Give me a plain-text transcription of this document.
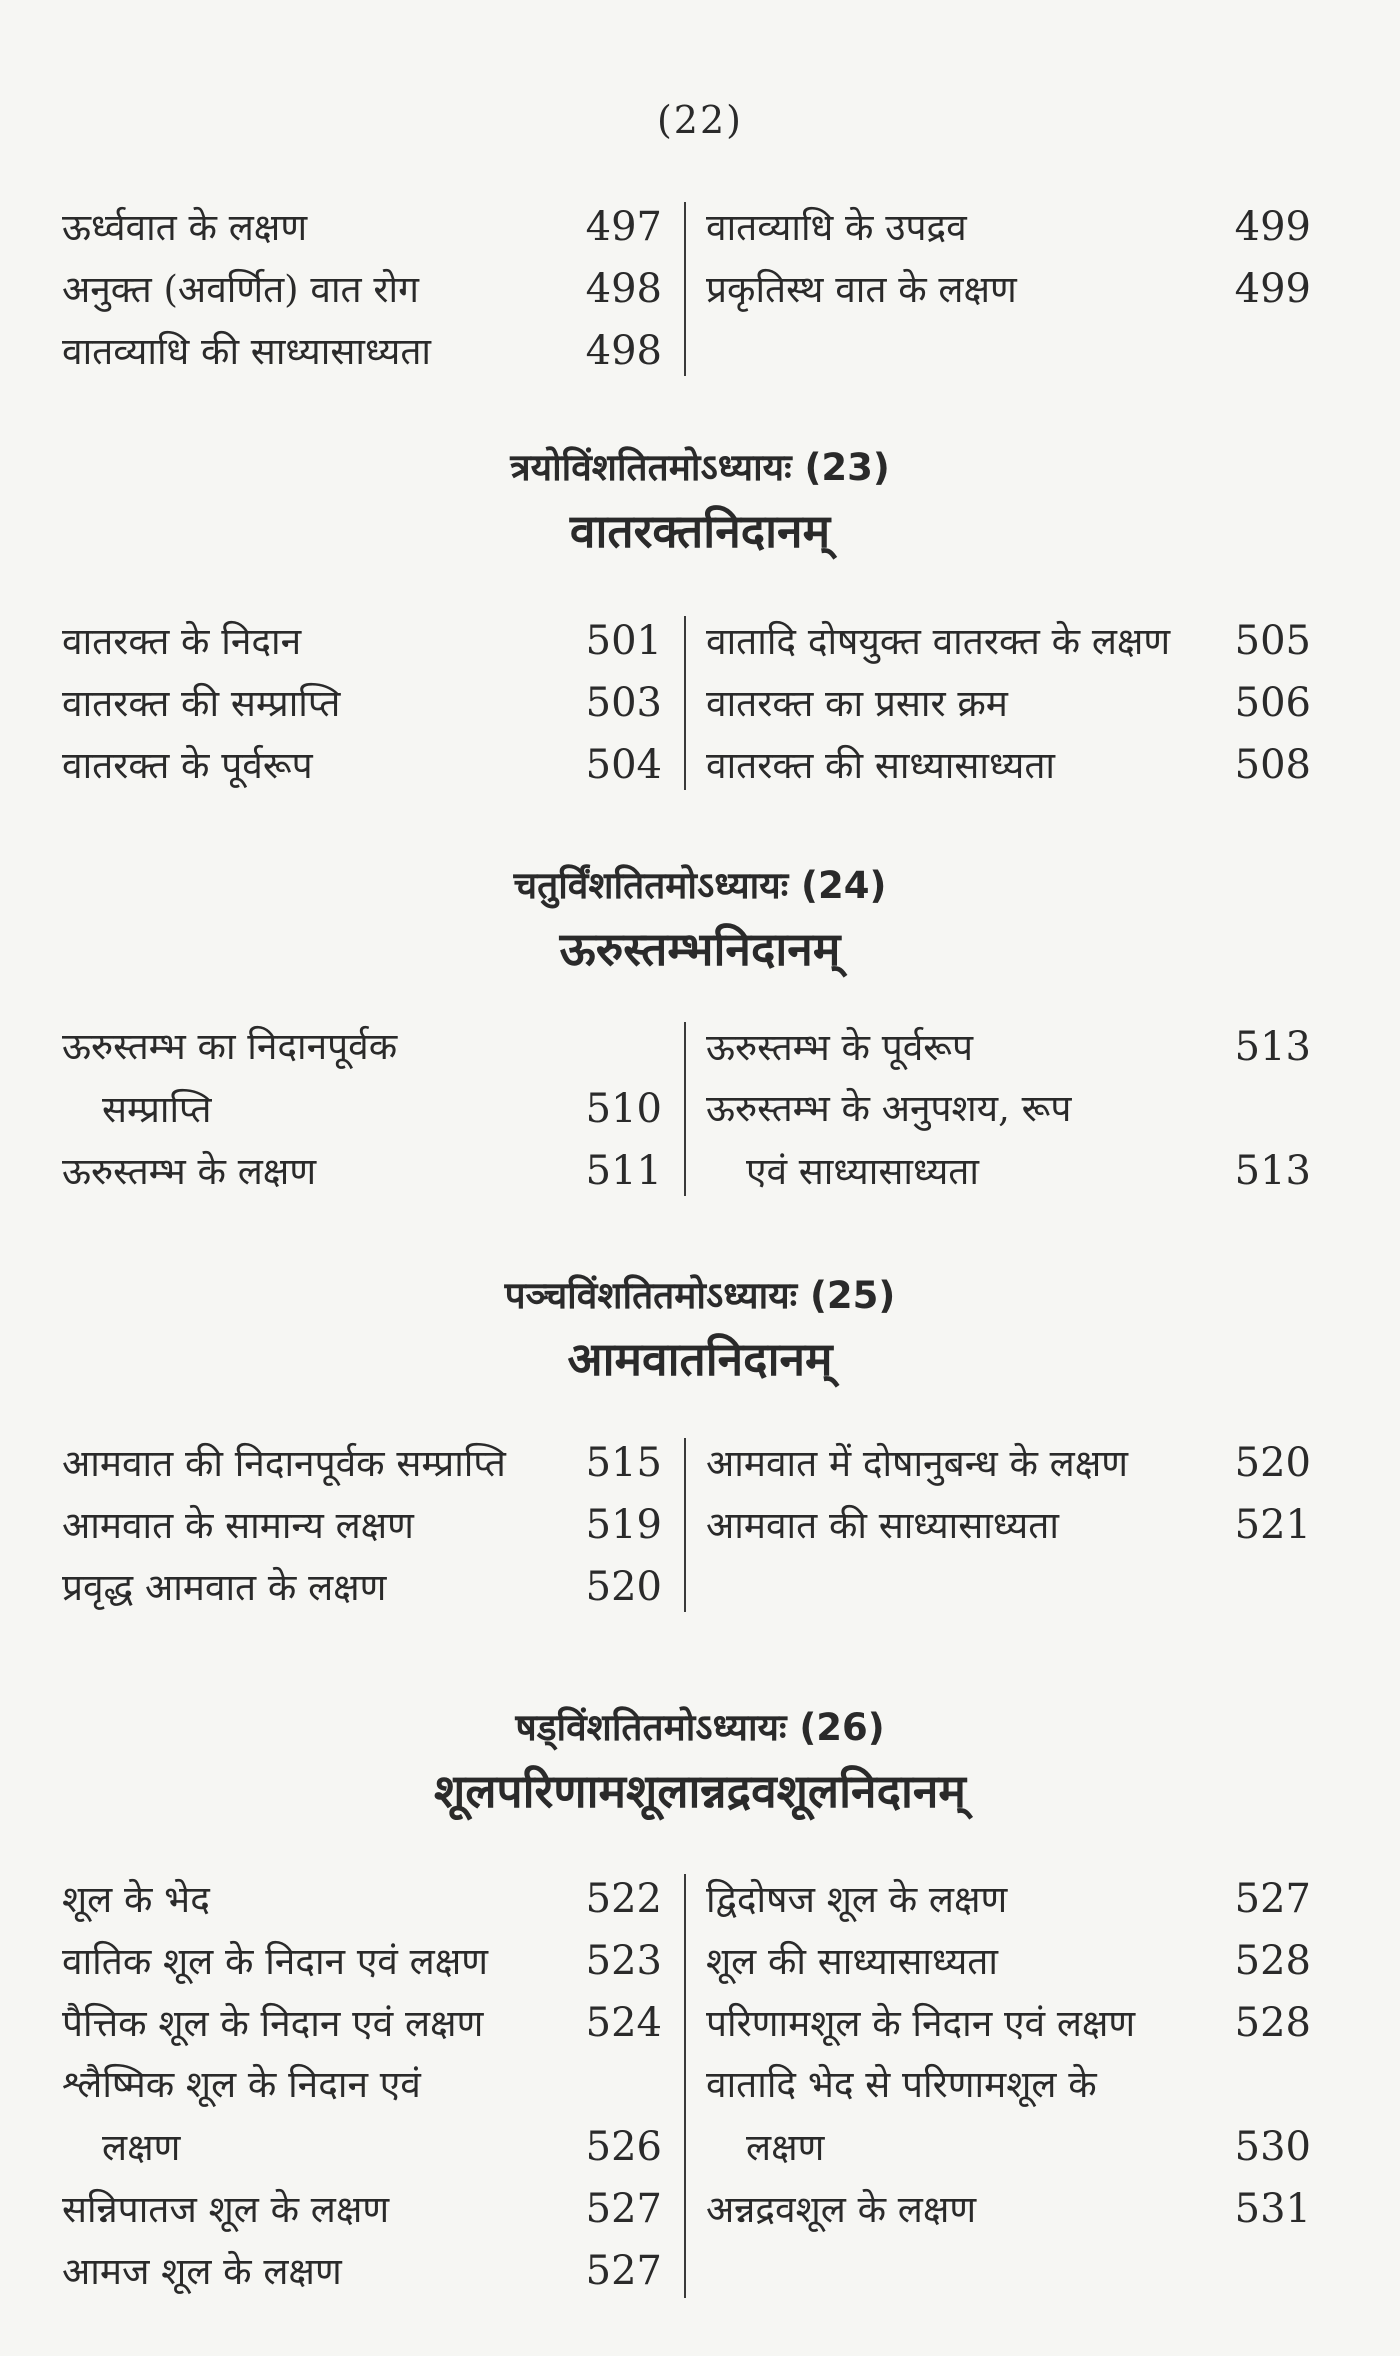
(22)
ऊर्ध्ववात के लक्षण	497
अनुक्त (अवर्णित) वात रोग	498
वातव्याधि की साध्यासाध्यता	498
वातव्याधि के उपद्रव	499
प्रकृतिस्थ वात के लक्षण	499
त्रयोविंशतितमोऽध्यायः (23)
वातरक्तनिदानम्
वातरक्त के निदान	501
वातरक्त की सम्प्राप्ति	503
वातरक्त के पूर्वरूप	504
वातादि दोषयुक्त वातरक्त के लक्षण	505
वातरक्त का प्रसार क्रम	506
वातरक्त की साध्यासाध्यता	508
चतुर्विंशतितमोऽध्यायः (24)
ऊरुस्तम्भनिदानम्
ऊरुस्तम्भ का निदानपूर्वक
सम्प्राप्ति	510
ऊरुस्तम्भ के लक्षण	511
ऊरुस्तम्भ के पूर्वरूप	513
ऊरुस्तम्भ के अनुपशय, रूप
एवं साध्यासाध्यता	513
पञ्चविंशतितमोऽध्यायः (25)
आमवातनिदानम्
आमवात की निदानपूर्वक सम्प्राप्ति	515
आमवात के सामान्य लक्षण	519
प्रवृद्ध आमवात के लक्षण	520
आमवात में दोषानुबन्ध के लक्षण	520
आमवात की साध्यासाध्यता	521
षड्विंशतितमोऽध्यायः (26)
शूलपरिणामशूलान्नद्रवशूलनिदानम्
शूल के भेद	522
वातिक शूल के निदान एवं लक्षण	523
पैत्तिक शूल के निदान एवं लक्षण	524
श्लैष्मिक शूल के निदान एवं
लक्षण	526
सन्निपातज शूल के लक्षण	527
आमज शूल के लक्षण	527
द्विदोषज शूल के लक्षण	527
शूल की साध्यासाध्यता	528
परिणामशूल के निदान एवं लक्षण	528
वातादि भेद से परिणामशूल के
लक्षण	530
अन्नद्रवशूल के लक्षण	531
